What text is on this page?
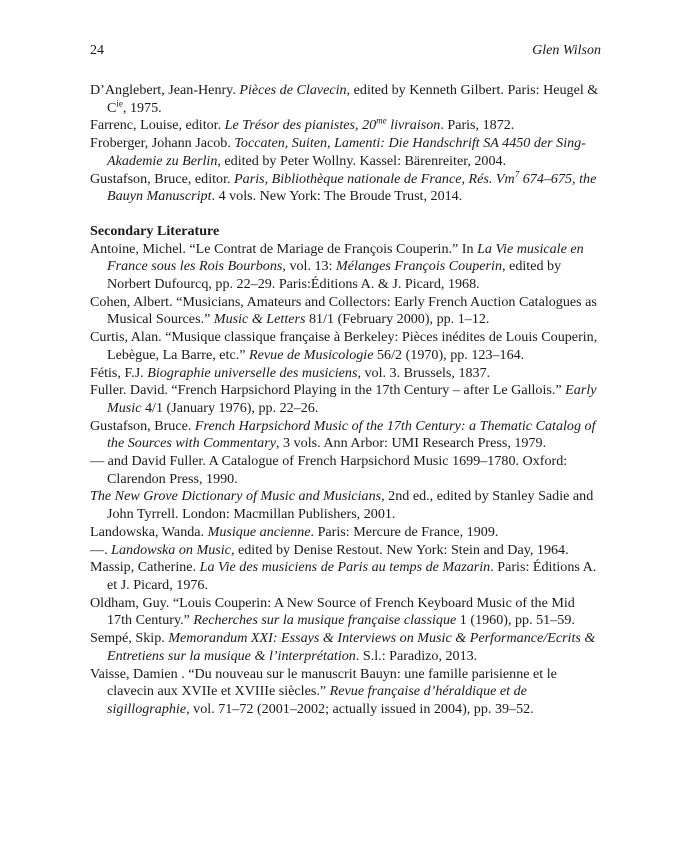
24	Glen Wilson

D’Anglebert, Jean-Henry. Pièces de Clavecin, edited by Kenneth Gilbert. Paris: Heugel & $C^{ie}$, 1975.

Farrenc, Louise, editor. Le Trésor des pianistes, $20^{me}$ livraison. Paris, 1872.

Froberger, Johann Jacob. Toccaten, Suiten, Lamenti: Die Handschrift SA 4450 der Sing-Akademie zu Berlin, edited by Peter Wollny. Kassel: Bärenreiter, 2004.

Gustafson, Bruce, editor. Paris, Bibliothèque nationale de France, Rés. Vm$^7$ 674–675, the Bauyn Manuscript. 4 vols. New York: The Broude Trust, 2014.

Secondary Literature

Antoine, Michel. “Le Contrat de Mariage de François Couperin.” In La Vie musicale en France sous les Rois Bourbons, vol. 13: Mélanges François Couperin, edited by Norbert Dufourcq, pp. 22–29. Paris:Éditions A. & J. Picard, 1968.

Cohen, Albert. “Musicians, Amateurs and Collectors: Early French Auction Catalogues as Musical Sources.” Music & Letters 81/1 (February 2000), pp. 1–12.

Curtis, Alan. “Musique classique française à Berkeley: Pièces inédites de Louis Couperin, Lebègue, La Barre, etc.” Revue de Musicologie 56/2 (1970), pp. 123–164.

Fétis, F.J. Biographie universelle des musiciens, vol. 3. Brussels, 1837.

Fuller. David. “French Harpsichord Playing in the 17th Century – after Le Gallois.” Early Music 4/1 (January 1976), pp. 22–26.

Gustafson, Bruce. French Harpsichord Music of the 17th Century: a Thematic Catalog of the Sources with Commentary, 3 vols. Ann Arbor: UMI Research Press, 1979.

— and David Fuller. A Catalogue of French Harpsichord Music 1699–1780. Oxford: Clarendon Press, 1990.

The New Grove Dictionary of Music and Musicians, 2nd ed., edited by Stanley Sadie and John Tyrrell. London: Macmillan Publishers, 2001.

Landowska, Wanda. Musique ancienne. Paris: Mercure de France, 1909.

—. Landowska on Music, edited by Denise Restout. New York: Stein and Day, 1964.

Massip, Catherine. La Vie des musiciens de Paris au temps de Mazarin. Paris: Éditions A. et J. Picard, 1976.

Oldham, Guy. “Louis Couperin: A New Source of French Keyboard Music of the Mid 17th Century.” Recherches sur la musique française classique 1 (1960), pp. 51–59.

Sempé, Skip. Memorandum XXI: Essays & Interviews on Music & Performance/Ecrits & Entretiens sur la musique & l’interprétation. S.l.: Paradizo, 2013.

Vaisse, Damien . “Du nouveau sur le manuscrit Bauyn: une famille parisienne et le clavecin aux XVIIe et XVIIIe siècles.” Revue française d’héraldique et de sigillographie, vol. 71–72 (2001–2002; actually issued in 2004), pp. 39–52.
